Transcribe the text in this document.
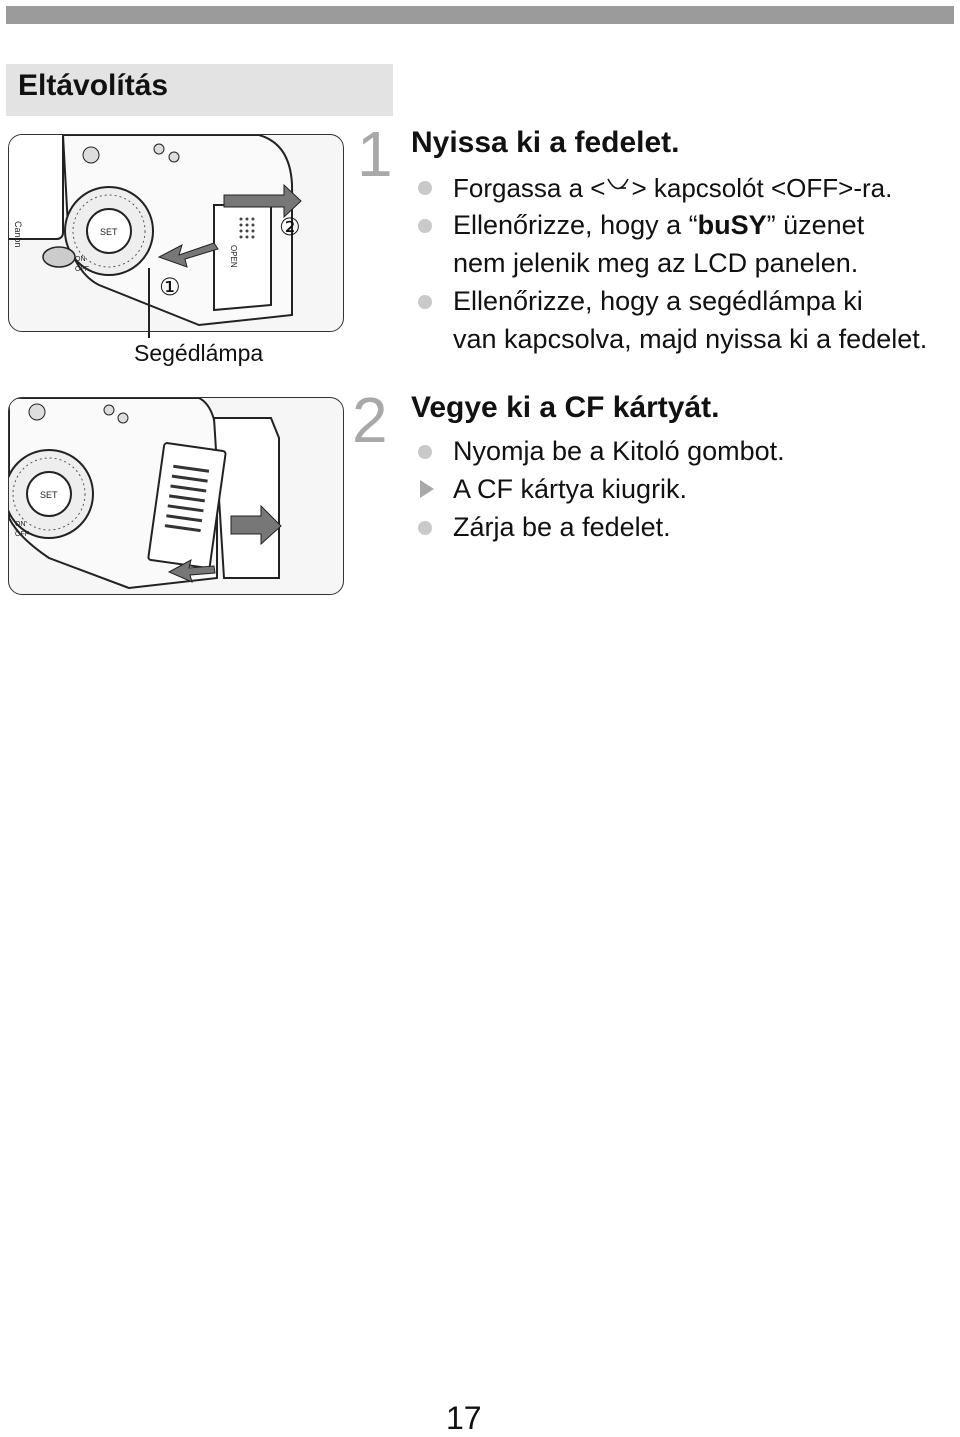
Eltávolítás
Canon	SET
ON
OFF
OPEN
②
①
Segédlámpa
SET
ON
OFF
1 Nyissa ki a fedelet.
Forgassa a < > kapcsolót <OFF>-ra.
Ellenőrizze, hogy a “buSY” üzenet
nem jelenik meg az LCD panelen.
Ellenőrizze, hogy a segédlámpa ki
van kapcsolva, majd nyissa ki a fedelet.
2 Vegye ki a CF kártyát.
Nyomja be a Kitoló gombot.
A CF kártya kiugrik.
Zárja be a fedelet.
17
